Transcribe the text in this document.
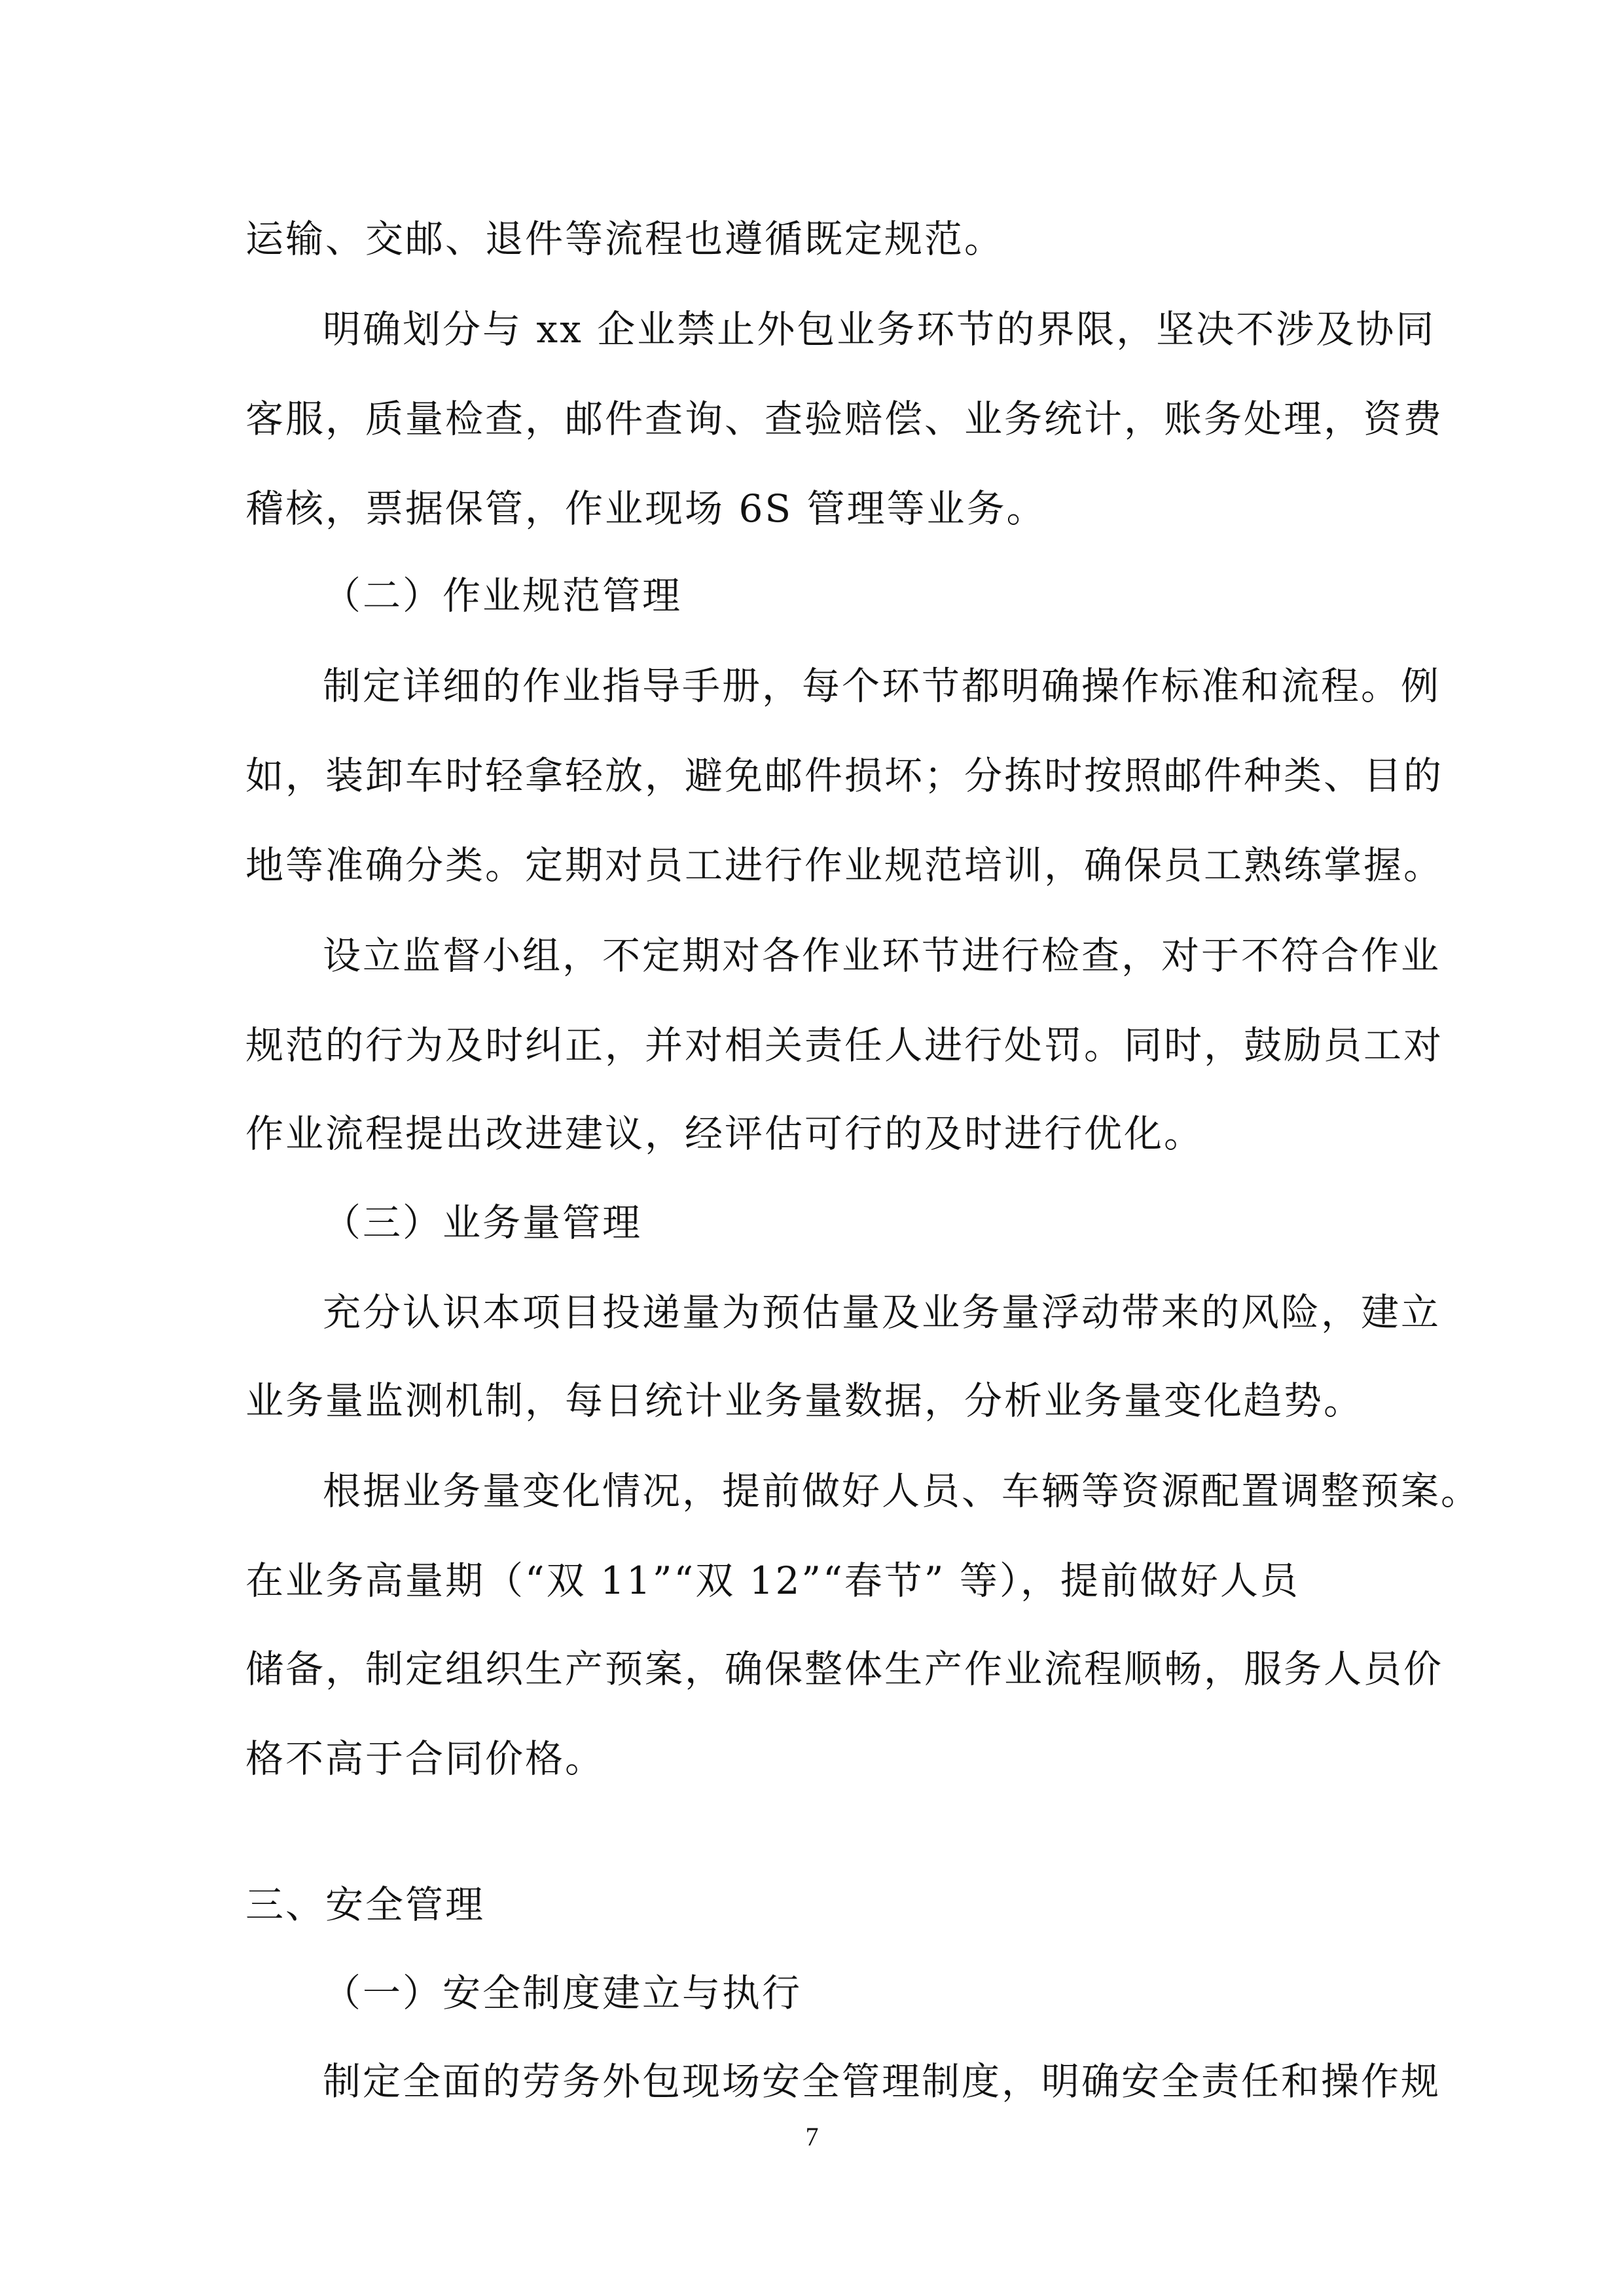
运输、交邮、退件等流程也遵循既定规范。
明确划分与 xx 企业禁止外包业务环节的界限，坚决不涉及协同
客服，质量检查，邮件查询、查验赔偿、业务统计，账务处理，资费
稽核，票据保管，作业现场 6S 管理等业务。
（二）作业规范管理
制定详细的作业指导手册，每个环节都明确操作标准和流程。例
如，装卸车时轻拿轻放，避免邮件损坏；分拣时按照邮件种类、目的
地等准确分类。定期对员工进行作业规范培训，确保员工熟练掌握。
设立监督小组，不定期对各作业环节进行检查，对于不符合作业
规范的行为及时纠正，并对相关责任人进行处罚。同时，鼓励员工对
作业流程提出改进建议，经评估可行的及时进行优化。
（三）业务量管理
充分认识本项目投递量为预估量及业务量浮动带来的风险，建立
业务量监测机制，每日统计业务量数据，分析业务量变化趋势。
根据业务量变化情况，提前做好人员、车辆等资源配置调整预案。
在业务高量期（“双 11”“双 12”“春节” 等），提前做好人员
储备，制定组织生产预案，确保整体生产作业流程顺畅，服务人员价
格不高于合同价格。
三、安全管理
（一）安全制度建立与执行
制定全面的劳务外包现场安全管理制度，明确安全责任和操作规
7
